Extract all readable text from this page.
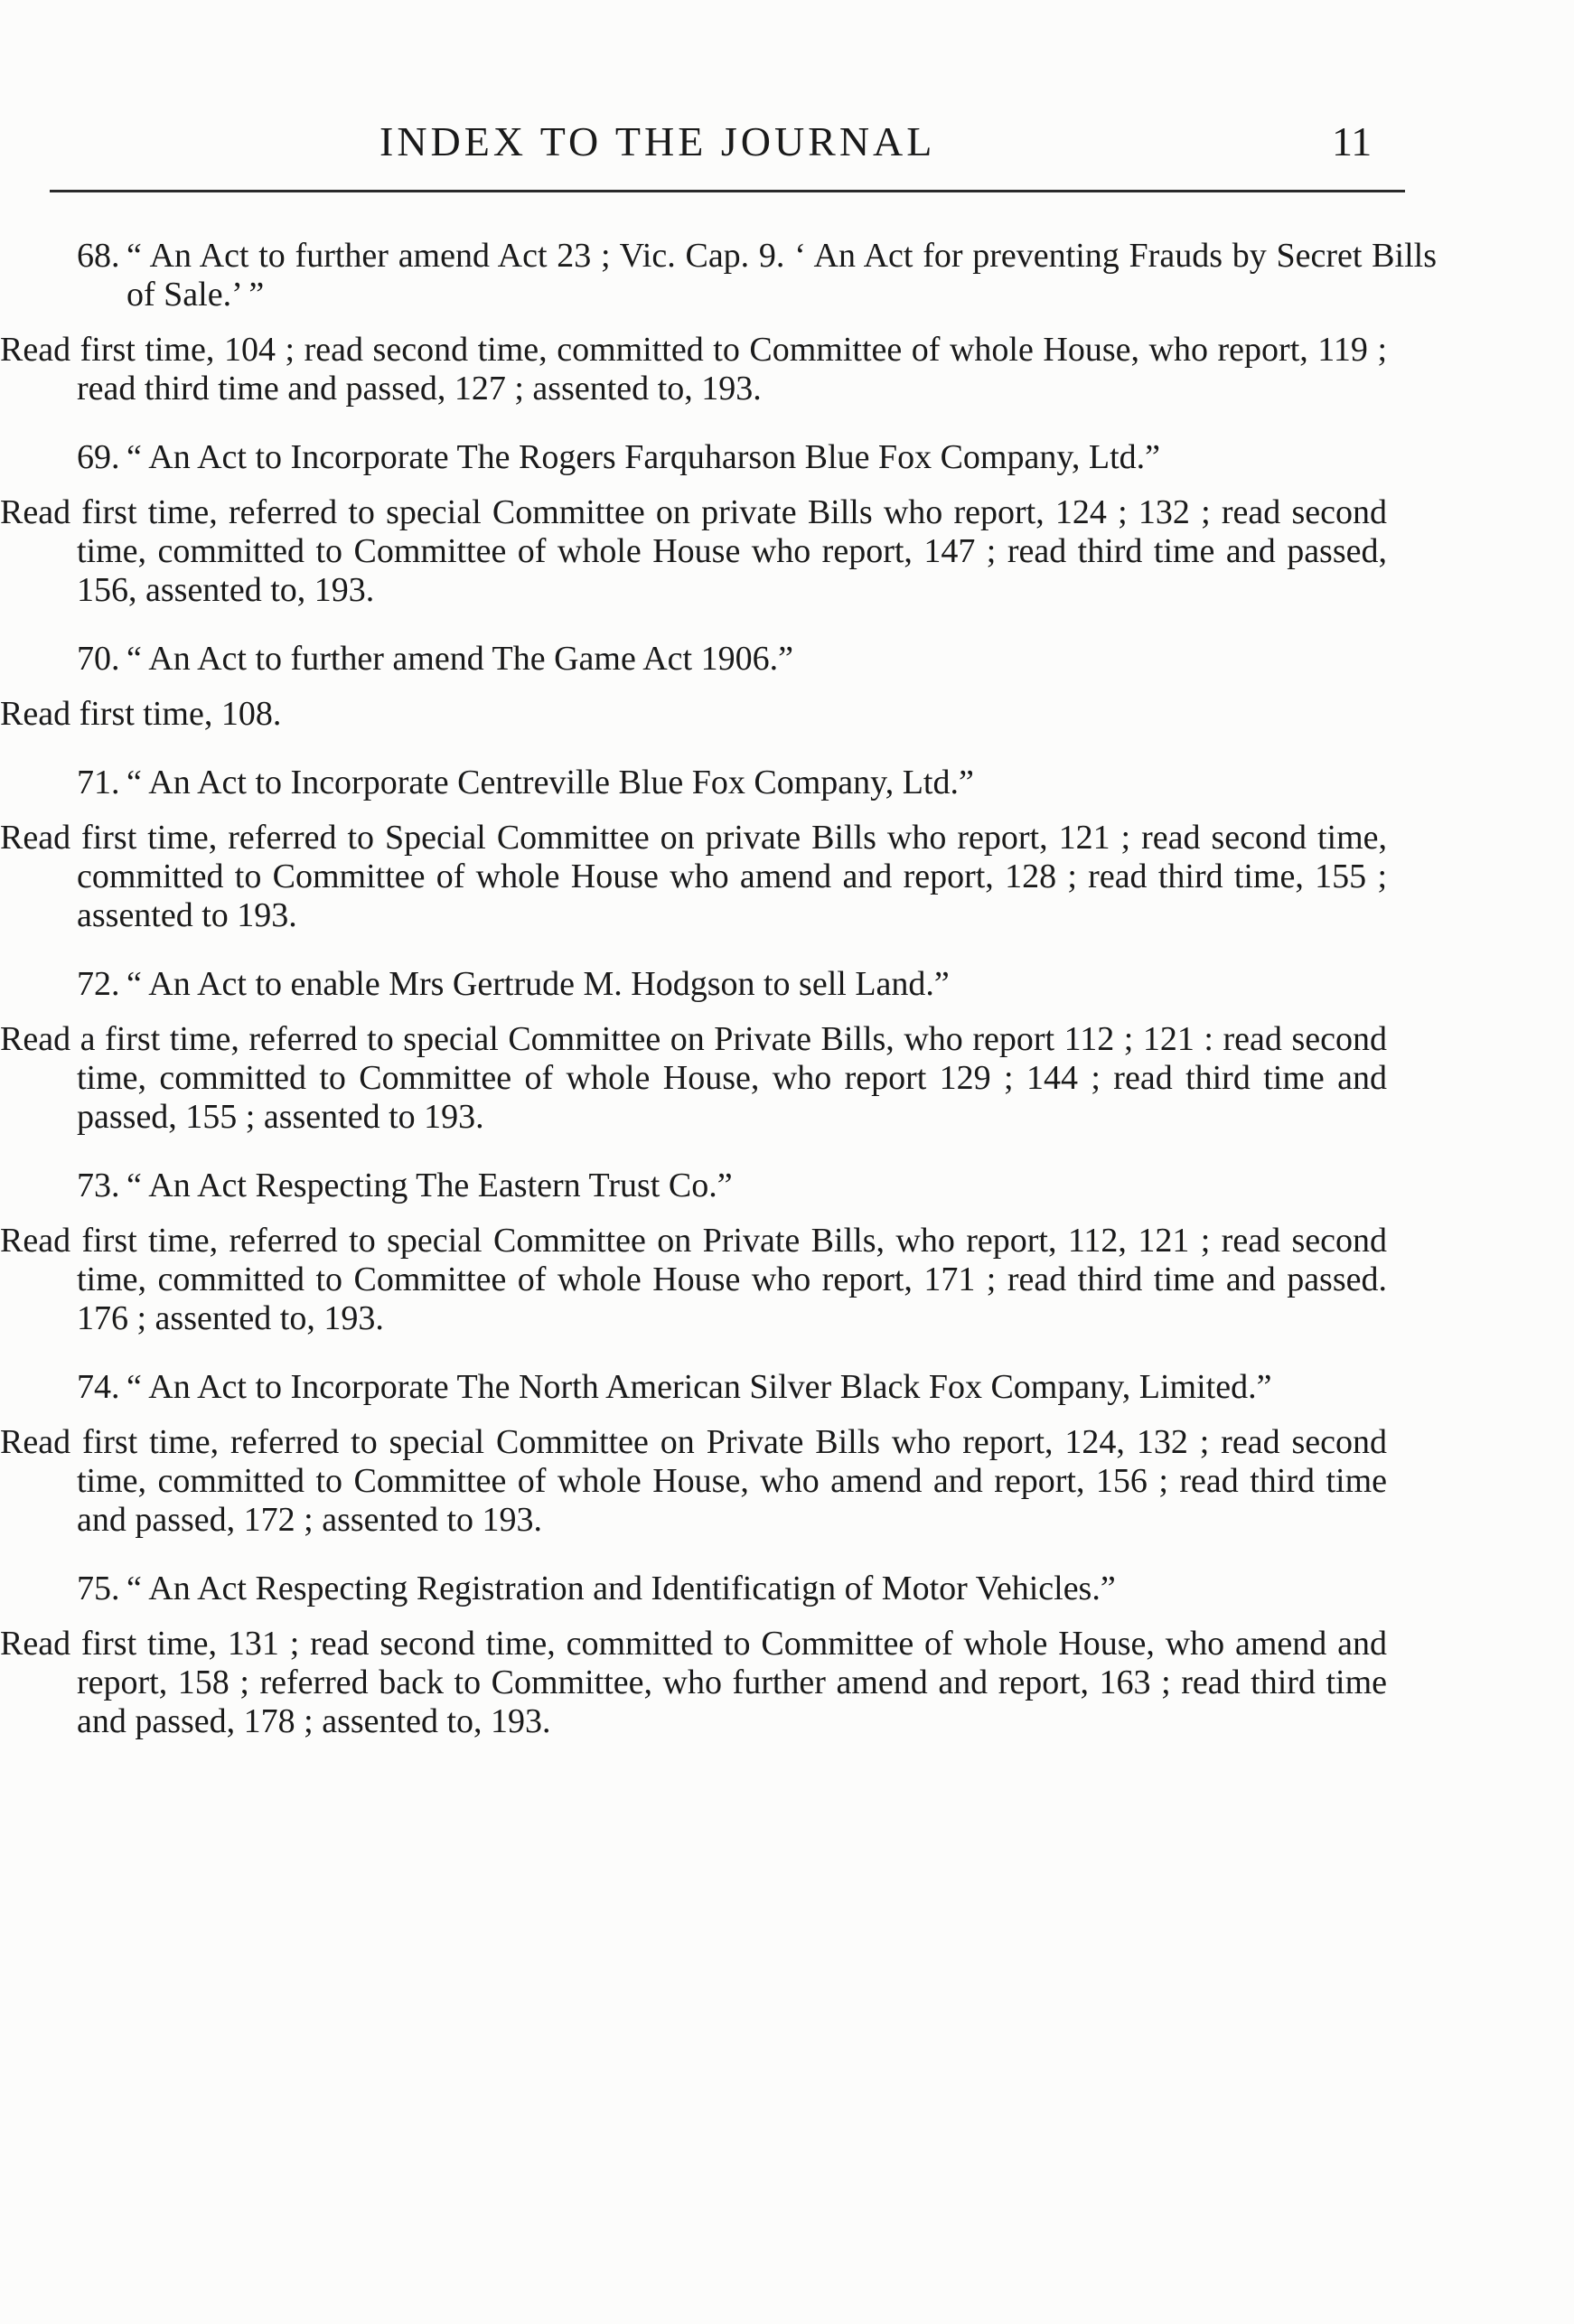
INDEX TO THE JOURNAL	11
68. “ An Act to further amend Act 23 ; Vic. Cap. 9. ‘ An Act for preventing Frauds by Secret Bills of Sale.’ ”
Read first time, 104 ; read second time, committed to Committee of whole House, who report, 119 ; read third time and passed, 127 ; assented to, 193.
69. “ An Act to Incorporate The Rogers Farquharson Blue Fox Company, Ltd.”
Read first time, referred to special Committee on private Bills who report, 124 ; 132 ; read second time, committed to Committee of whole House who report, 147 ; read third time and passed, 156, assented to, 193.
70. “ An Act to further amend The Game Act 1906.”
Read first time, 108.
71. “ An Act to Incorporate Centreville Blue Fox Company, Ltd.”
Read first time, referred to Special Committee on private Bills who report, 121 ; read second time, committed to Committee of whole House who amend and report, 128 ; read third time, 155 ; assented to 193.
72. “ An Act to enable Mrs Gertrude M. Hodgson to sell Land.”
Read a first time, referred to special Committee on Private Bills, who report 112 ; 121 : read second time, committed to Committee of whole House, who report 129 ; 144 ; read third time and passed, 155 ; assented to 193.
73. “ An Act Respecting The Eastern Trust Co.”
Read first time, referred to special Committee on Private Bills, who report, 112, 121 ; read second time, committed to Committee of whole House who report, 171 ; read third time and passed. 176 ; assented to, 193.
74. “ An Act to Incorporate The North American Silver Black Fox Company, Limited.”
Read first time, referred to special Committee on Private Bills who report, 124, 132 ; read second time, committed to Committee of whole House, who amend and report, 156 ; read third time and passed, 172 ; assented to 193.
75. “ An Act Respecting Registration and Identificatign of Motor Vehicles.”
Read first time, 131 ; read second time, committed to Committee of whole House, who amend and report, 158 ; referred back to Committee, who further amend and report, 163 ; read third time and passed, 178 ; assented to, 193.
